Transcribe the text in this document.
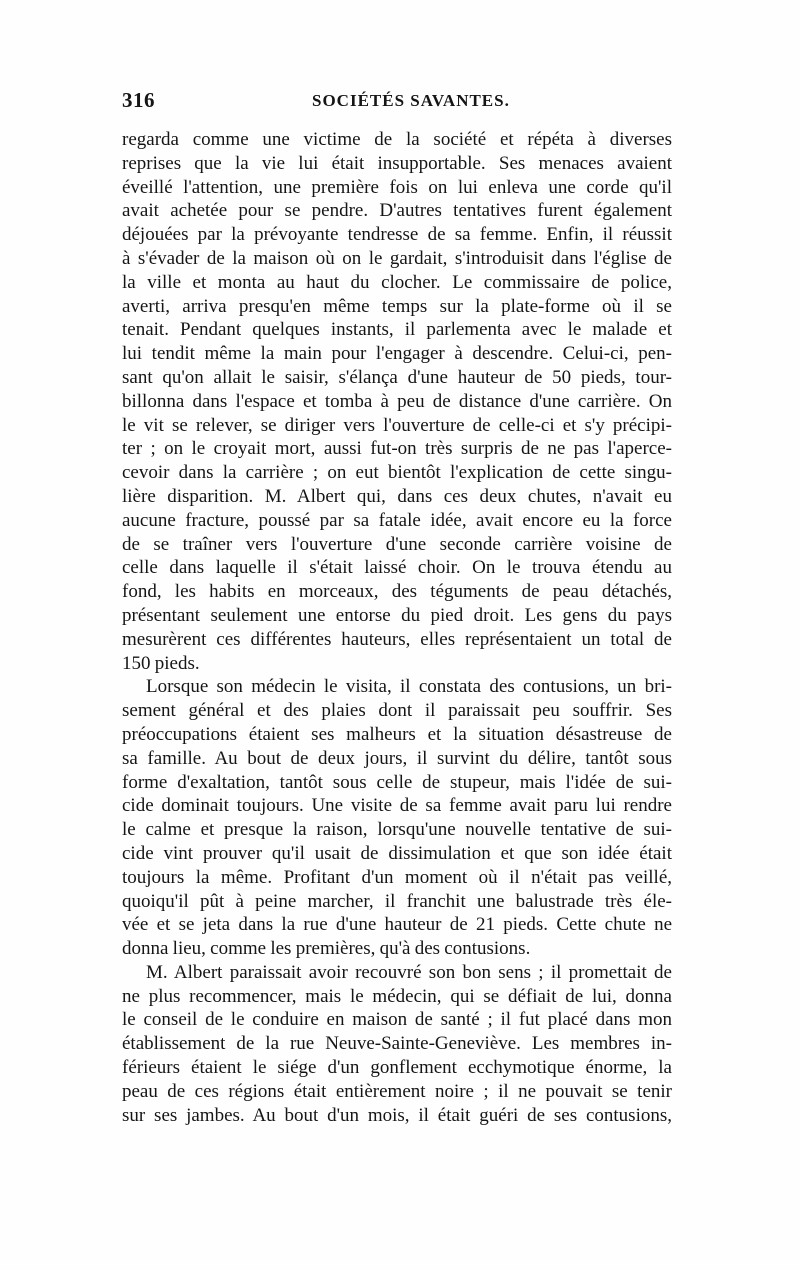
316	SOCIÉTÉS SAVANTES.
regarda comme une victime de la société et répéta à diverses
reprises que la vie lui était insupportable. Ses menaces avaient
éveillé l'attention, une première fois on lui enleva une corde qu'il
avait achetée pour se pendre. D'autres tentatives furent également
déjouées par la prévoyante tendresse de sa femme. Enfin, il réussit
à s'évader de la maison où on le gardait, s'introduisit dans l'église de
la ville et monta au haut du clocher. Le commissaire de police,
averti, arriva presqu'en même temps sur la plate-forme où il se
tenait. Pendant quelques instants, il parlementa avec le malade et
lui tendit même la main pour l'engager à descendre. Celui-ci, pen-
sant qu'on allait le saisir, s'élança d'une hauteur de 50 pieds, tour-
billonna dans l'espace et tomba à peu de distance d'une carrière. On
le vit se relever, se diriger vers l'ouverture de celle-ci et s'y précipi-
ter ; on le croyait mort, aussi fut-on très surpris de ne pas l'aperce-
cevoir dans la carrière ; on eut bientôt l'explication de cette singu-
lière disparition. M. Albert qui, dans ces deux chutes, n'avait eu
aucune fracture, poussé par sa fatale idée, avait encore eu la force
de se traîner vers l'ouverture d'une seconde carrière voisine de
celle dans laquelle il s'était laissé choir. On le trouva étendu au
fond, les habits en morceaux, des téguments de peau détachés,
présentant seulement une entorse du pied droit. Les gens du pays
mesurèrent ces différentes hauteurs, elles représentaient un total de
150 pieds.
Lorsque son médecin le visita, il constata des contusions, un bri-
sement général et des plaies dont il paraissait peu souffrir. Ses
préoccupations étaient ses malheurs et la situation désastreuse de
sa famille. Au bout de deux jours, il survint du délire, tantôt sous
forme d'exaltation, tantôt sous celle de stupeur, mais l'idée de sui-
cide dominait toujours. Une visite de sa femme avait paru lui rendre
le calme et presque la raison, lorsqu'une nouvelle tentative de sui-
cide vint prouver qu'il usait de dissimulation et que son idée était
toujours la même. Profitant d'un moment où il n'était pas veillé,
quoiqu'il pût à peine marcher, il franchit une balustrade très éle-
vée et se jeta dans la rue d'une hauteur de 21 pieds. Cette chute ne
donna lieu, comme les premières, qu'à des contusions.
M. Albert paraissait avoir recouvré son bon sens ; il promettait de
ne plus recommencer, mais le médecin, qui se défiait de lui, donna
le conseil de le conduire en maison de santé ; il fut placé dans mon
établissement de la rue Neuve-Sainte-Geneviève. Les membres in-
férieurs étaient le siége d'un gonflement ecchymotique énorme, la
peau de ces régions était entièrement noire ; il ne pouvait se tenir
sur ses jambes. Au bout d'un mois, il était guéri de ses contusions,
